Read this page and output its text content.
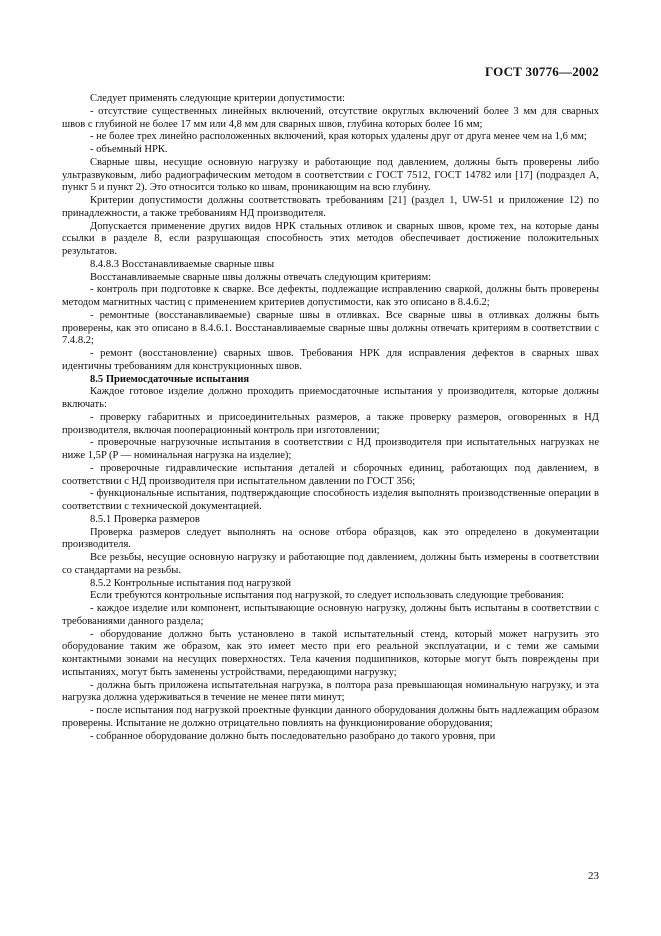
ГОСТ 30776—2002

Следует применять следующие критерии допустимости:

- отсутствие существенных линейных включений, отсутствие округлых включений более 3 мм для сварных швов с глубиной не более 17 мм или 4,8 мм для сварных швов, глубина которых более 16 мм;

- не более трех линейно расположенных включений, края которых удалены друг от друга менее чем на 1,6 мм;

- объемный НРК.

Сварные швы, несущие основную нагрузку и работающие под давлением, должны быть проверены либо ультразвуковым, либо радиографическим методом в соответствии с ГОСТ 7512, ГОСТ 14782 или [17] (подраздел А, пункт 5 и пункт 2). Это относится только ко швам, проникающим на всю глубину.

Критерии допустимости должны соответствовать требованиям [21] (раздел 1, UW-51 и приложение 12) по принадлежности, а также требованиям НД производителя.

Допускается применение других видов НРК стальных отливок и сварных швов, кроме тех, на которые даны ссылки в разделе 8, если разрушающая способность этих методов обеспечивает достижение положительных результатов.

8.4.8.3 Восстанавливаемые сварные швы

Восстанавливаемые сварные швы должны отвечать следующим критериям:

- контроль при подготовке к сварке. Все дефекты, подлежащие исправлению сваркой, должны быть проверены методом магнитных частиц с применением критериев допустимости, как это описано в 8.4.6.2;

- ремонтные (восстанавливаемые) сварные швы в отливках. Все сварные швы в отливках должны быть проверены, как это описано в 8.4.6.1. Восстанавливаемые сварные швы должны отвечать критериям в соответствии с 7.4.8.2;

- ремонт (восстановление) сварных швов. Требования НРК для исправления дефектов в сварных швах идентичны требованиям для конструкционных швов.

8.5 Приемосдаточные испытания

Каждое готовое изделие должно проходить приемосдаточные испытания у производителя, которые должны включать:

- проверку габаритных и присоединительных размеров, а также проверку размеров, оговоренных в НД производителя, включая пооперационный контроль при изготовлении;

- проверочные нагрузочные испытания в соответствии с НД производителя при испытательных нагрузках не ниже 1,5P (P — номинальная нагрузка на изделие);

- проверочные гидравлические испытания деталей и сборочных единиц, работающих под давлением, в соответствии с НД производителя при испытательном давлении по ГОСТ 356;

- функциональные испытания, подтверждающие способность изделия выполнять производственные операции в соответствии с технической документацией.

8.5.1 Проверка размеров

Проверка размеров следует выполнять на основе отбора образцов, как это определено в документации производителя.

Все резьбы, несущие основную нагрузку и работающие под давлением, должны быть измерены в соответствии со стандартами на резьбы.

8.5.2 Контрольные испытания под нагрузкой

Если требуются контрольные испытания под нагрузкой, то следует использовать следующие требования:

- каждое изделие или компонент, испытывающие основную нагрузку, должны быть испытаны в соответствии с требованиями данного раздела;

- оборудование должно быть установлено в такой испытательный стенд, который может нагрузить это оборудование таким же образом, как это имеет место при его реальной эксплуатации, и с теми же самыми контактными зонами на несущих поверхностях. Тела качения подшипников, которые могут быть повреждены при испытаниях, могут быть заменены устройствами, передающими нагрузку;

- должна быть приложена испытательная нагрузка, в полтора раза превышающая номинальную нагрузку, и эта нагрузка должна удерживаться в течение не менее пяти минут;

- после испытания под нагрузкой проектные функции данного оборудования должны быть надлежащим образом проверены. Испытание не должно отрицательно повлиять на функционирование оборудования;

- собранное оборудование должно быть последовательно разобрано до такого уровня, при

23
